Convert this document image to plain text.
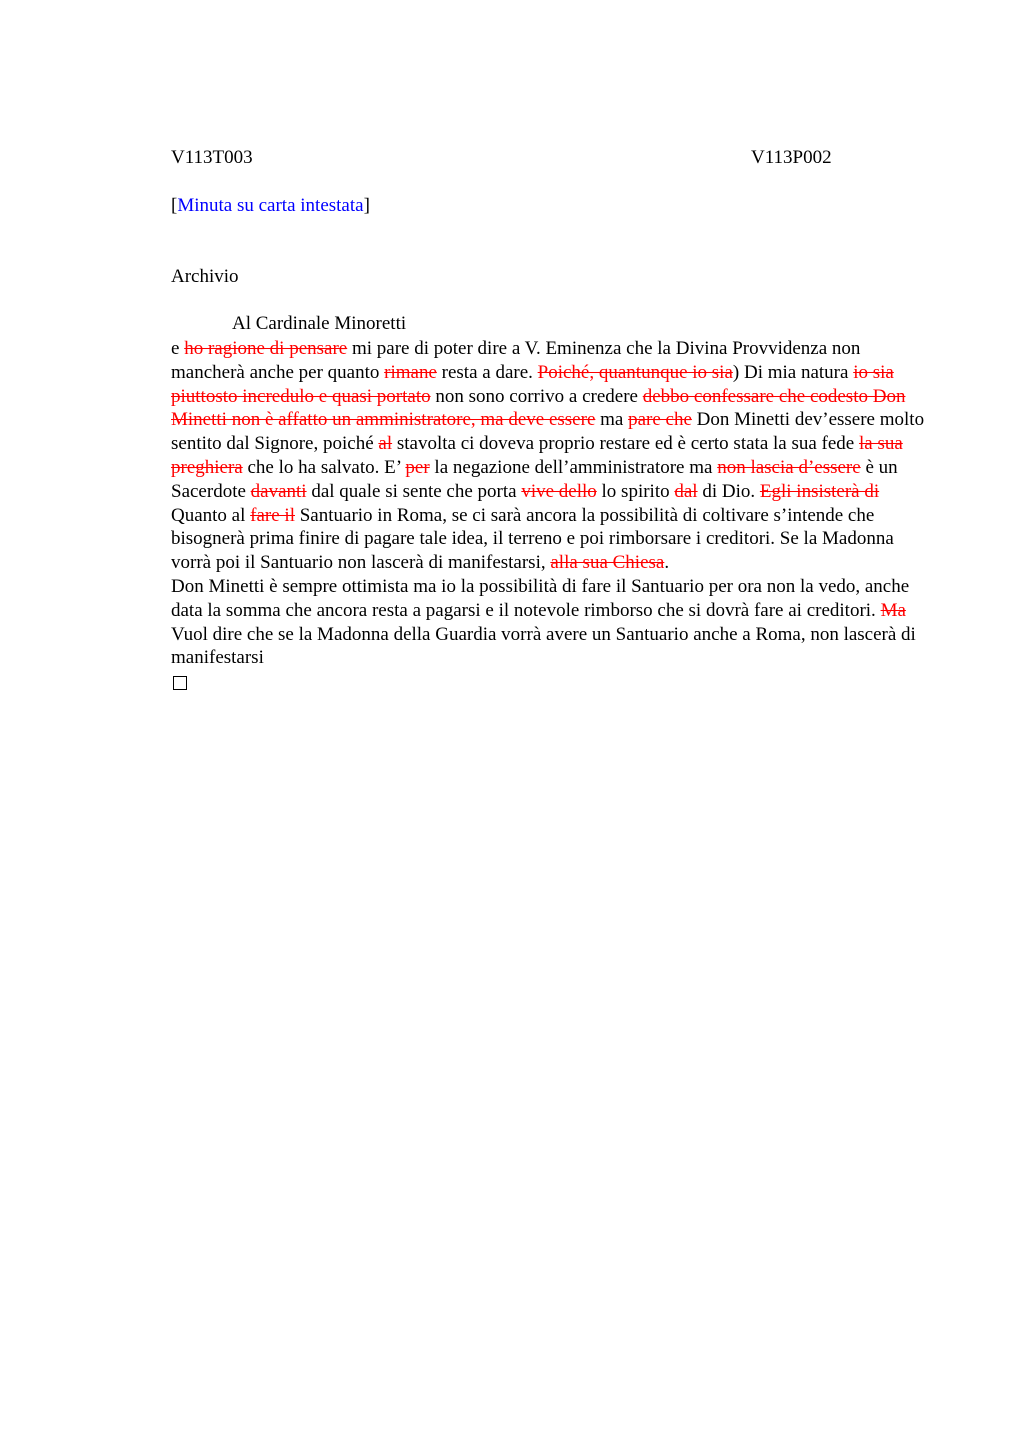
V113T003	V113P002
[Minuta su carta intestata]
Archivio
Al Cardinale Minoretti

e ho ragione di pensare mi pare di poter dire a V. Eminenza che la Divina Provvidenza non mancherà anche per quanto rimane resta a dare. Poiché, quantunque io sia) Di mia natura io sia piuttosto incredulo e quasi portato non sono corrivo a credere debbo confessare che codesto Don Minetti non è affatto un amministratore, ma deve essere ma pare che Don Minetti dev’essere molto sentito dal Signore, poiché al stavolta ci doveva proprio restare ed è certo stata la sua fede la sua preghiera che lo ha salvato. E’ per la negazione dell’amministratore ma non lascia d’essere è un Sacerdote davanti dal quale si sente che porta vive dello lo spirito dal di Dio. Egli insisterà di Quanto al fare il Santuario in Roma, se ci sarà ancora la possibilità di coltivare s’intende che bisognerà prima finire di pagare tale idea, il terreno e poi rimborsare i creditori. Se la Madonna vorrà poi il Santuario non lascerà di manifestarsi, alla sua Chiesa.

Don Minetti è sempre ottimista ma io la possibilità di fare il Santuario per ora non la vedo, anche data la somma che ancora resta a pagarsi e il notevole rimborso che si dovrà fare ai creditori. Ma Vuol dire che se la Madonna della Guardia vorrà avere un Santuario anche a Roma, non lascerà di manifestarsi
